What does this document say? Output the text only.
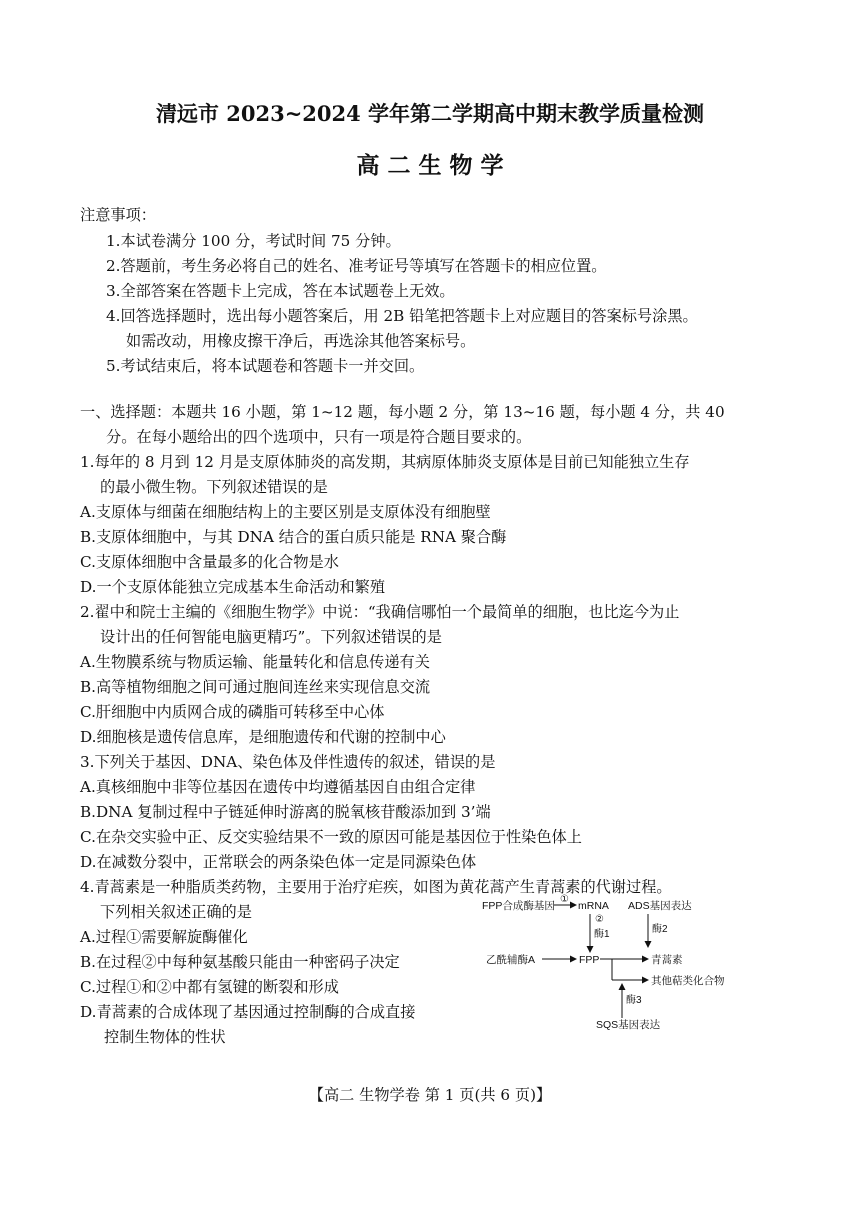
清远市 2023~2024 学年第二学期高中期末教学质量检测
高 二 生 物 学
注意事项：
1.本试卷满分 100 分，考试时间 75 分钟。
2.答题前，考生务必将自己的姓名、准考证号等填写在答题卡的相应位置。
3.全部答案在答题卡上完成，答在本试题卷上无效。
4.回答选择题时，选出每小题答案后，用 2B 铅笔把答题卡上对应题目的答案标号涂黑。
如需改动，用橡皮擦干净后，再选涂其他答案标号。
5.考试结束后，将本试题卷和答题卡一并交回。
一、选择题：本题共 16 小题，第 1~12 题，每小题 2 分，第 13~16 题，每小题 4 分，共 40
分。在每小题给出的四个选项中，只有一项是符合题目要求的。
1.每年的 8 月到 12 月是支原体肺炎的高发期，其病原体肺炎支原体是目前已知能独立生存
的最小微生物。下列叙述错误的是
A.支原体与细菌在细胞结构上的主要区别是支原体没有细胞壁
B.支原体细胞中，与其 DNA 结合的蛋白质只能是 RNA 聚合酶
C.支原体细胞中含量最多的化合物是水
D.一个支原体能独立完成基本生命活动和繁殖
2.翟中和院士主编的《细胞生物学》中说：“我确信哪怕一个最简单的细胞，也比迄今为止
设计出的任何智能电脑更精巧”。下列叙述错误的是
A.生物膜系统与物质运输、能量转化和信息传递有关
B.高等植物细胞之间可通过胞间连丝来实现信息交流
C.肝细胞中内质网合成的磷脂可转移至中心体
D.细胞核是遗传信息库，是细胞遗传和代谢的控制中心
3.下列关于基因、DNA、染色体及伴性遗传的叙述，错误的是
A.真核细胞中非等位基因在遗传中均遵循基因自由组合定律
B.DNA 复制过程中子链延伸时游离的脱氧核苷酸添加到 3’端
C.在杂交实验中正、反交实验结果不一致的原因可能是基因位于性染色体上
D.在减数分裂中，正常联会的两条染色体一定是同源染色体
4.青蒿素是一种脂质类药物，主要用于治疗疟疾，如图为黄花蒿产生青蒿素的代谢过程。
下列相关叙述正确的是
A.过程①需要解旋酶催化
B.在过程②中每种氨基酸只能由一种密码子决定
C.过程①和②中都有氢键的断裂和形成
D.青蒿素的合成体现了基因通过控制酶的合成直接
控制生物体的性状
FPP合成酶基因
①
mRNA
②
酶1
ADS基因表达
酶2
乙酰辅酶A	FPP	青蒿素
其他萜类化合物
酶3
SQS基因表达
【高二 生物学卷 第 1 页(共 6 页)】
